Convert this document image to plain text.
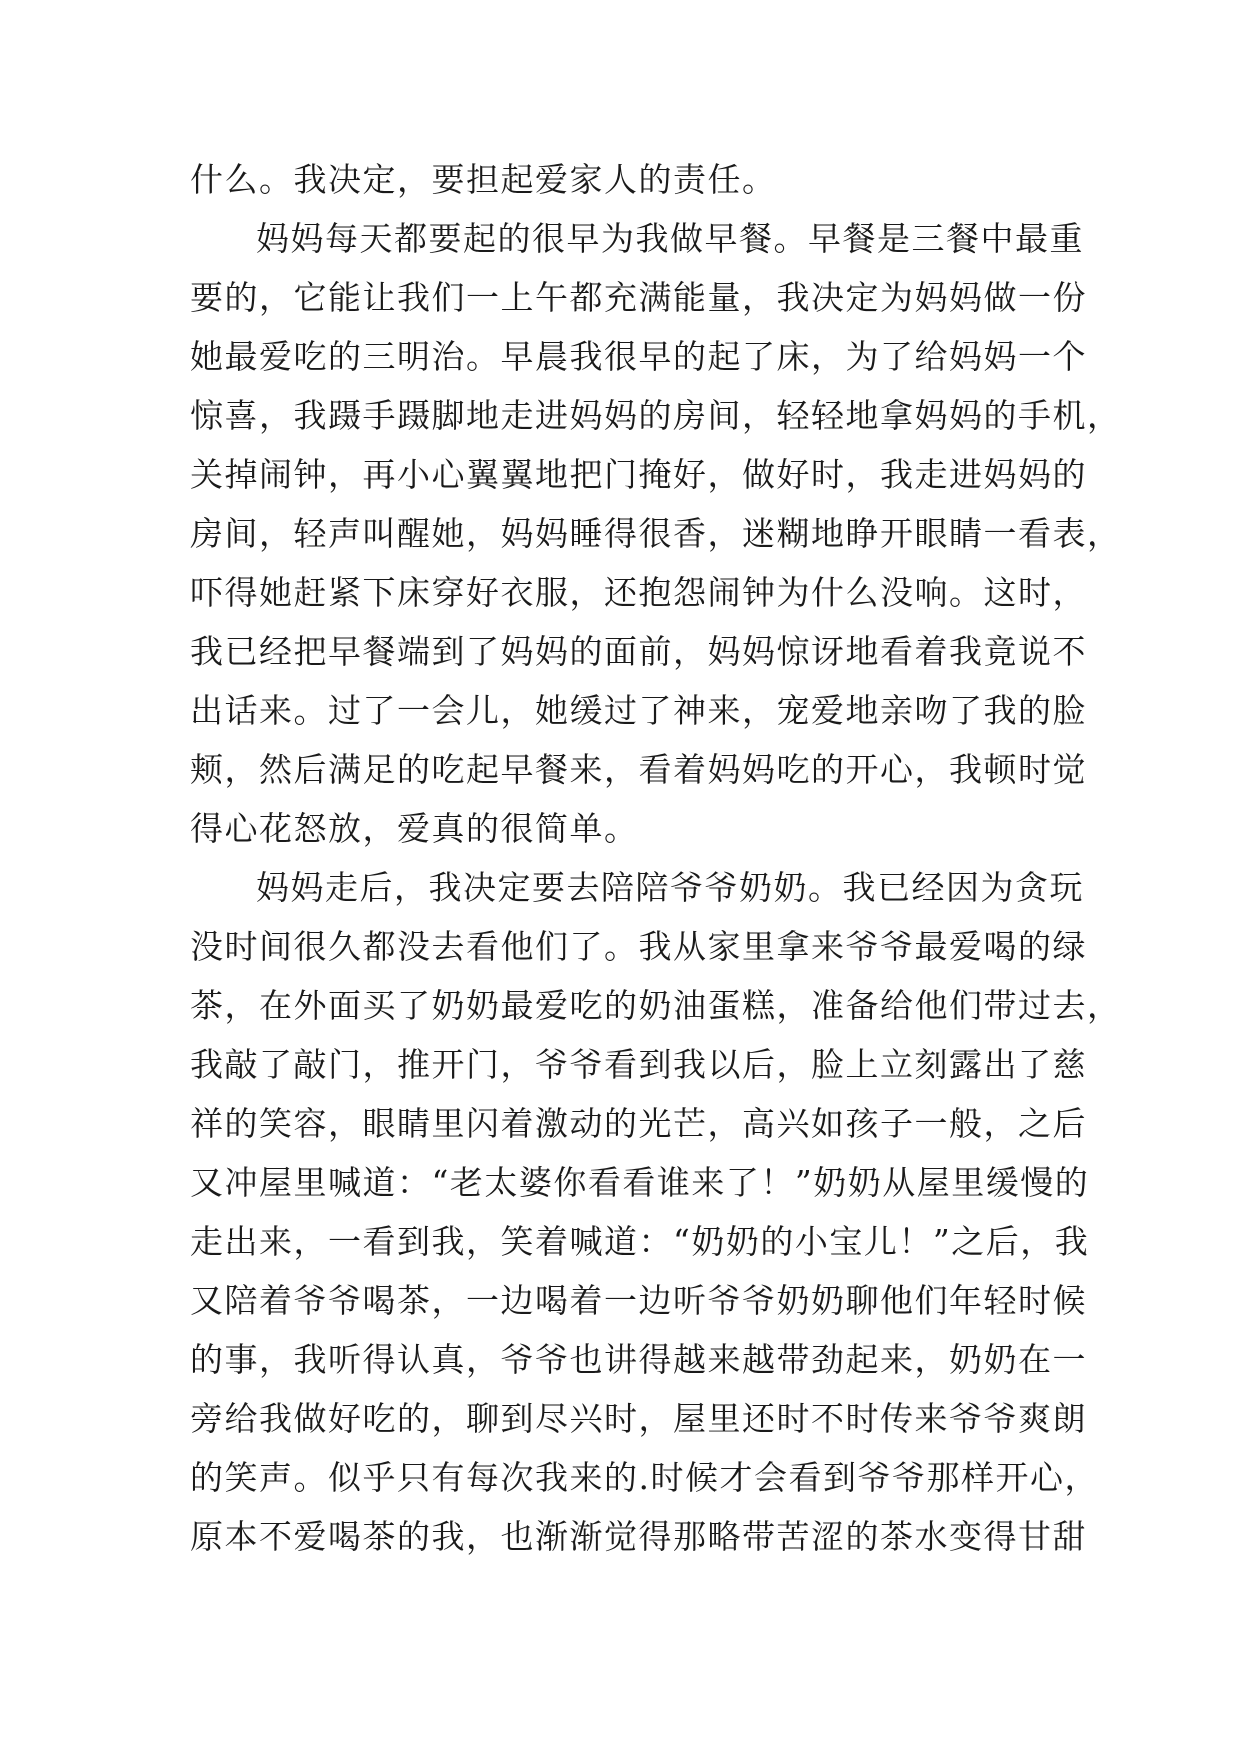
什么。我决定，要担起爱家人的责任。
妈妈每天都要起的很早为我做早餐。早餐是三餐中最重
要的，它能让我们一上午都充满能量，我决定为妈妈做一份
她最爱吃的三明治。早晨我很早的起了床，为了给妈妈一个
惊喜，我蹑手蹑脚地走进妈妈的房间，轻轻地拿妈妈的手机，
关掉闹钟，再小心翼翼地把门掩好，做好时，我走进妈妈的
房间，轻声叫醒她，妈妈睡得很香，迷糊地睁开眼睛一看表，
吓得她赶紧下床穿好衣服，还抱怨闹钟为什么没响。这时，
我已经把早餐端到了妈妈的面前，妈妈惊讶地看着我竟说不
出话来。过了一会儿，她缓过了神来，宠爱地亲吻了我的脸
颊，然后满足的吃起早餐来，看着妈妈吃的开心，我顿时觉
得心花怒放，爱真的很简单。
妈妈走后，我决定要去陪陪爷爷奶奶。我已经因为贪玩
没时间很久都没去看他们了。我从家里拿来爷爷最爱喝的绿
茶，在外面买了奶奶最爱吃的奶油蛋糕，准备给他们带过去，
我敲了敲门，推开门，爷爷看到我以后，脸上立刻露出了慈
祥的笑容，眼睛里闪着激动的光芒，高兴如孩子一般，之后
又冲屋里喊道：“老太婆你看看谁来了！”奶奶从屋里缓慢的
走出来，一看到我，笑着喊道：“奶奶的小宝儿！”之后，我
又陪着爷爷喝茶，一边喝着一边听爷爷奶奶聊他们年轻时候
的事，我听得认真，爷爷也讲得越来越带劲起来，奶奶在一
旁给我做好吃的，聊到尽兴时，屋里还时不时传来爷爷爽朗
的笑声。似乎只有每次我来的.时候才会看到爷爷那样开心，
原本不爱喝茶的我，也渐渐觉得那略带苦涩的茶水变得甘甜
